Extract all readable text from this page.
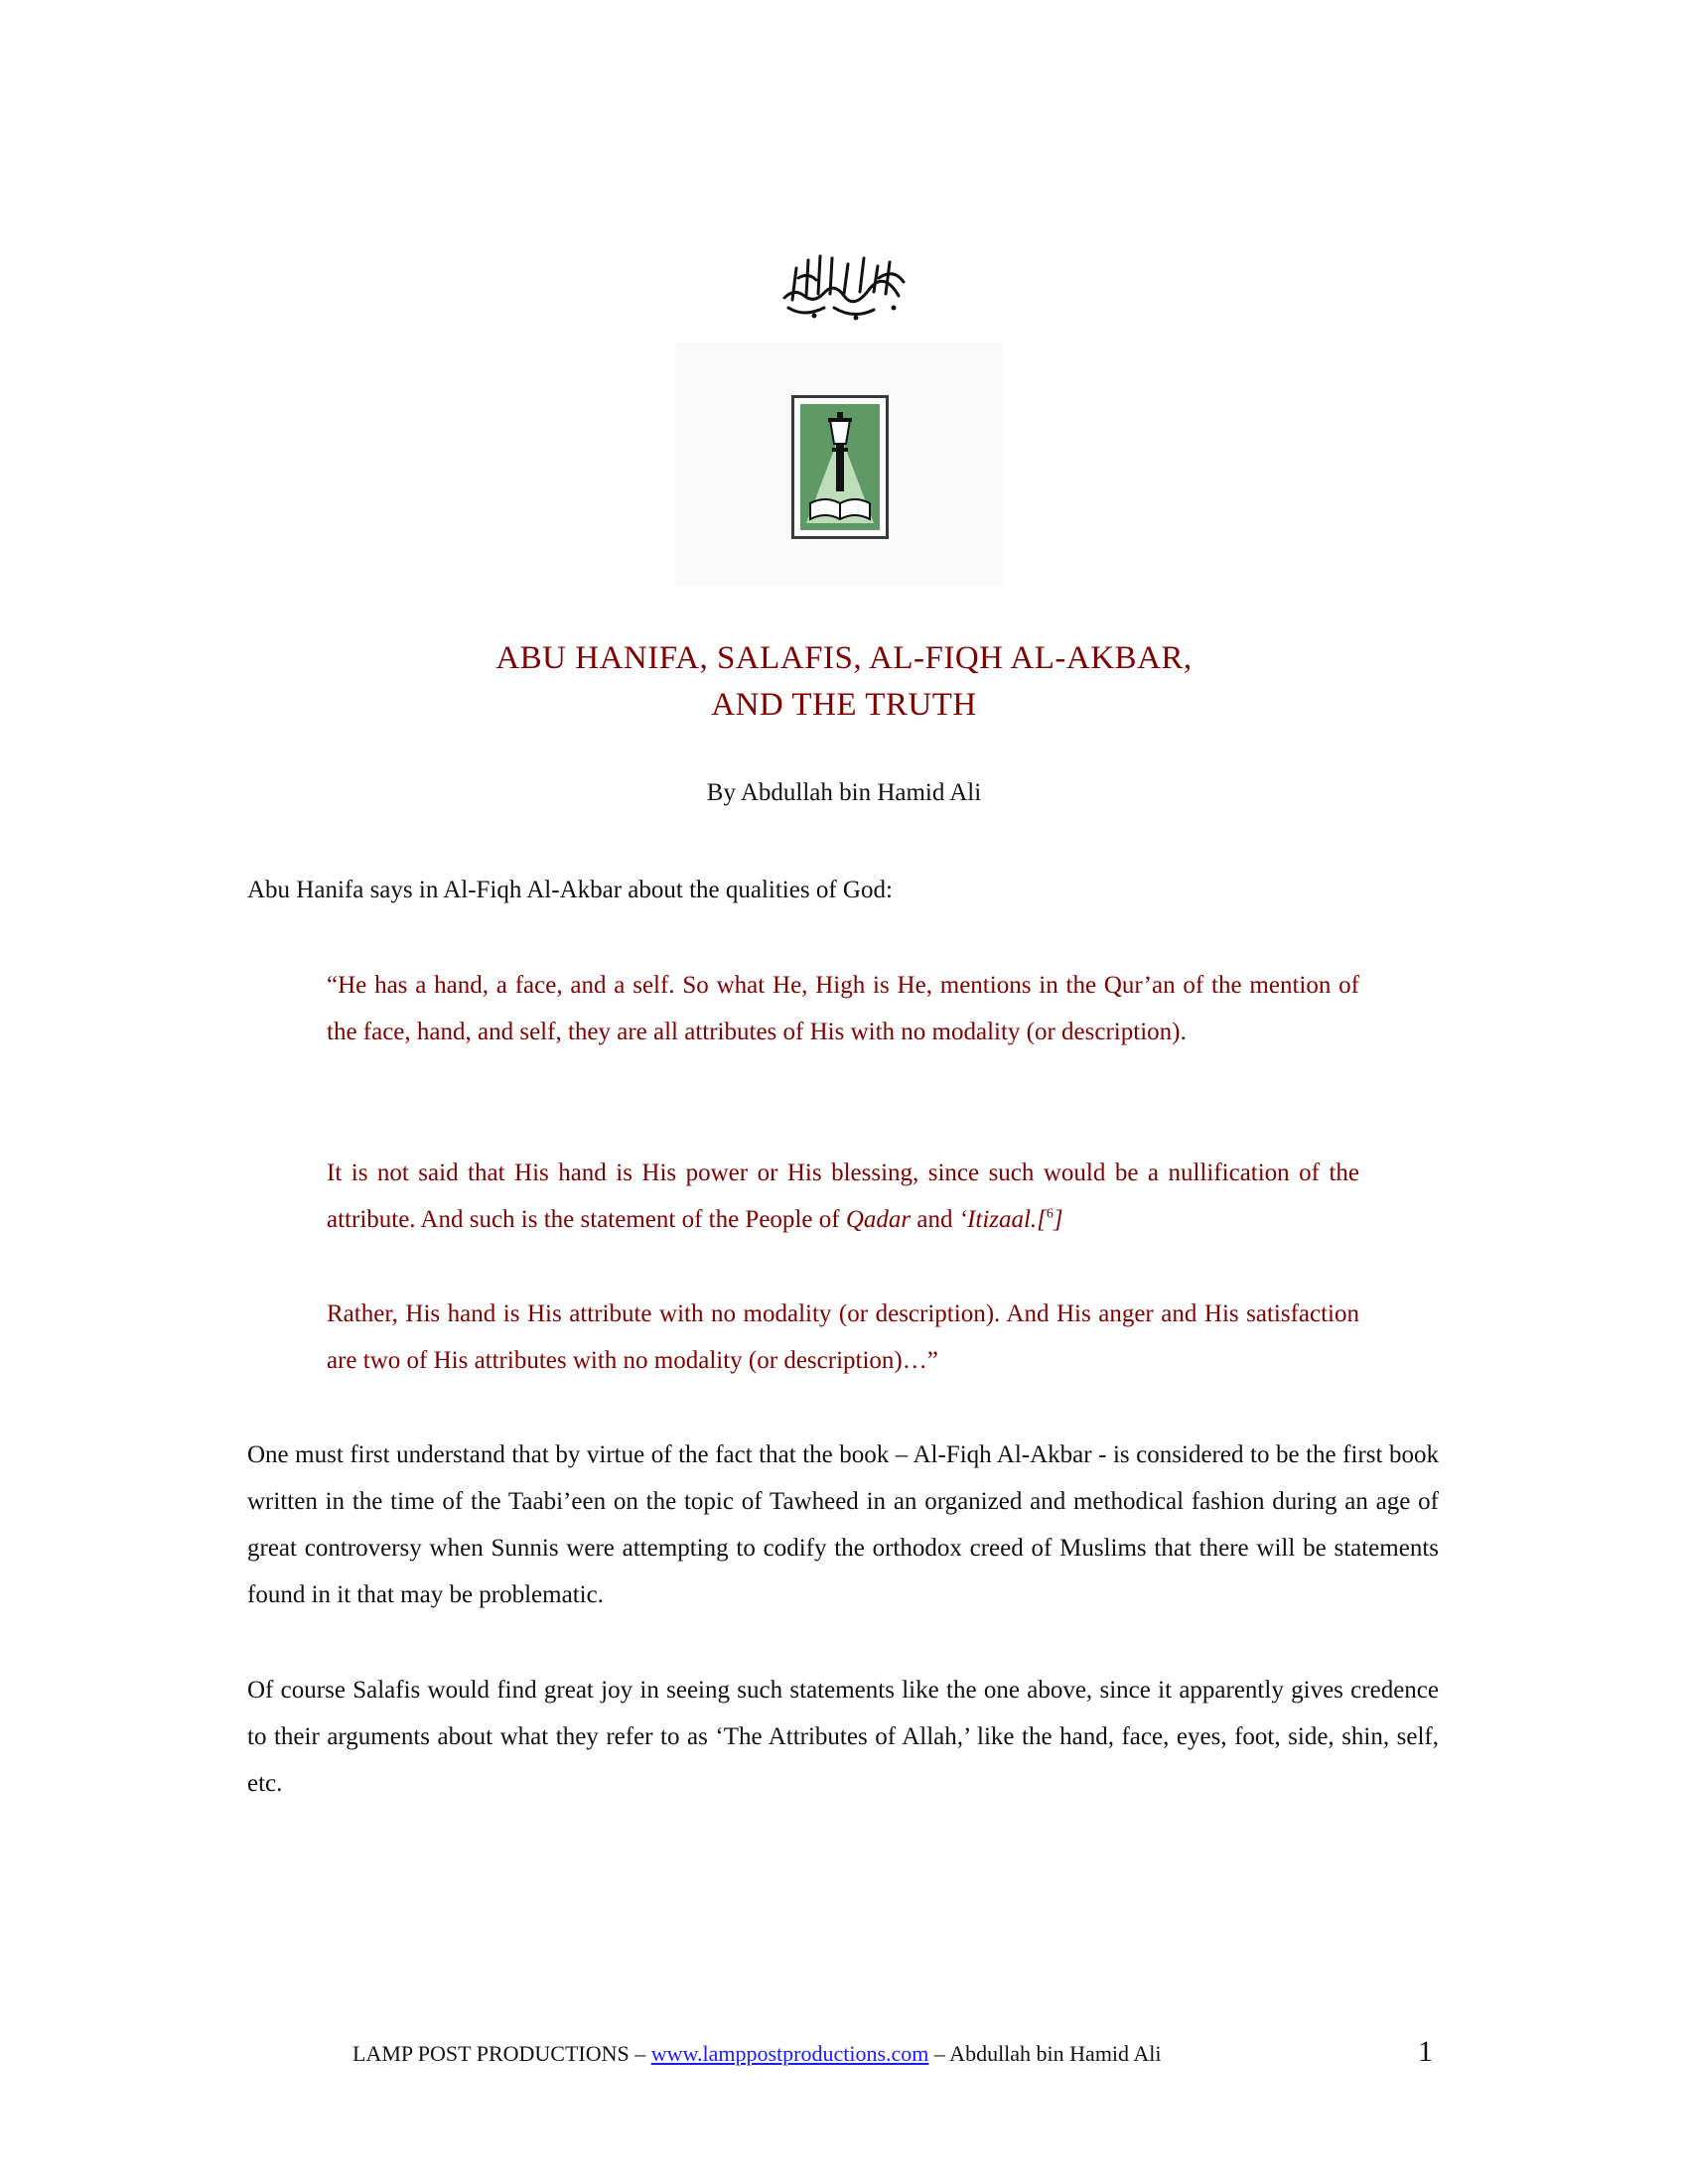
ABU HANIFA, SALAFIS, AL-FIQH AL-AKBAR,
AND THE TRUTH
By Abdullah bin Hamid Ali
Abu Hanifa says in Al-Fiqh Al-Akbar about the qualities of God:
“He has a hand, a face, and a self. So what He, High is He, mentions in the Qur’an of the mention of the face, hand, and self, they are all attributes of His with no modality (or description).
It is not said that His hand is His power or His blessing, since such would be a nullification of the attribute. And such is the statement of the People of Qadar and ‘Itizaal.[$^6$]
Rather, His hand is His attribute with no modality (or description). And His anger and His satisfaction are two of His attributes with no modality (or description)…”
One must first understand that by virtue of the fact that the book – Al-Fiqh Al-Akbar - is considered to be the first book written in the time of the Taabi’een on the topic of Tawheed in an organized and methodical fashion during an age of great controversy when Sunnis were attempting to codify the orthodox creed of Muslims that there will be statements found in it that may be problematic.
Of course Salafis would find great joy in seeing such statements like the one above, since it apparently gives credence to their arguments about what they refer to as ‘The Attributes of Allah,’ like the hand, face, eyes, foot, side, shin, self, etc.
LAMP POST PRODUCTIONS – www.lamppostproductions.com – Abdullah bin Hamid Ali	1
